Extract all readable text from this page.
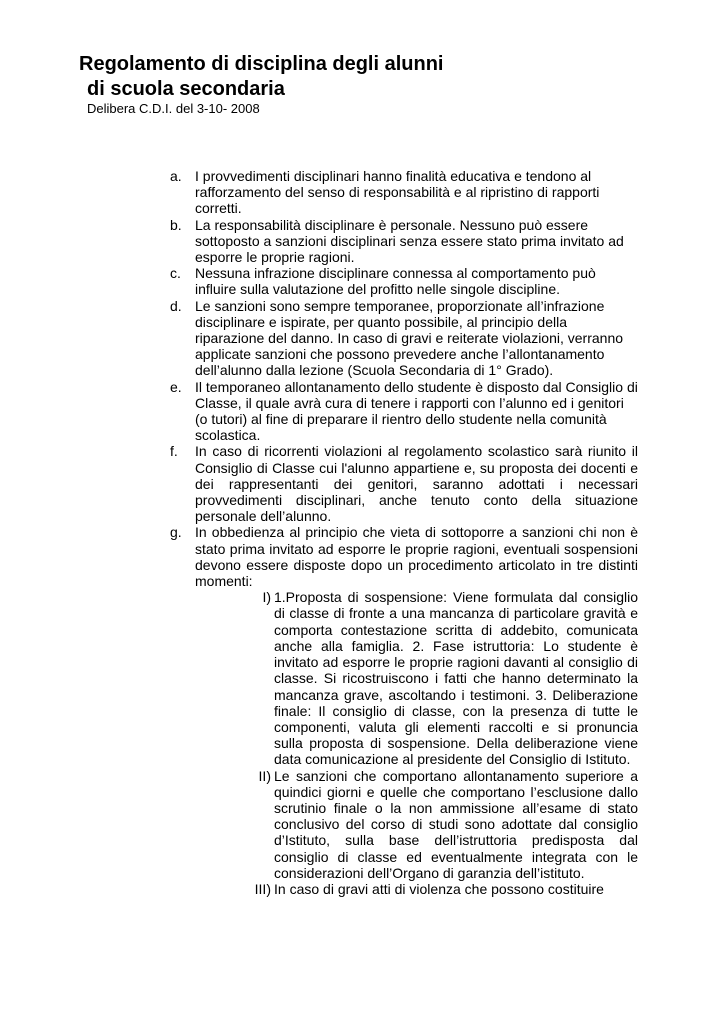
Regolamento di disciplina degli alunni
di scuola secondaria
Delibera C.D.I. del 3-10- 2008
a. I provvedimenti disciplinari hanno finalità educativa e tendono al rafforzamento del senso di responsabilità e al ripristino di rapporti corretti.
b. La responsabilità disciplinare è personale. Nessuno può essere sottoposto a sanzioni disciplinari senza essere stato prima invitato ad esporre le proprie ragioni.
c. Nessuna infrazione disciplinare connessa al comportamento può influire sulla valutazione del profitto nelle singole discipline.
d. Le sanzioni sono sempre temporanee, proporzionate all’infrazione disciplinare e ispirate, per quanto possibile, al principio della riparazione del danno. In caso di gravi e reiterate violazioni, verranno applicate sanzioni che possono prevedere anche l’allontanamento dell’alunno dalla lezione (Scuola Secondaria di 1° Grado).
e. Il temporaneo allontanamento dello studente è disposto dal Consiglio di Classe, il quale avrà cura di tenere i rapporti con l’alunno ed i genitori (o tutori) al fine di preparare il rientro dello studente nella comunità scolastica.
f. In caso di ricorrenti violazioni al regolamento scolastico sarà riunito il Consiglio di Classe cui l'alunno appartiene e, su proposta dei docenti e dei rappresentanti dei genitori, saranno adottati i necessari provvedimenti disciplinari, anche tenuto conto della situazione personale dell’alunno.
g. In obbedienza al principio che vieta di sottoporre a sanzioni chi non è stato prima invitato ad esporre le proprie ragioni, eventuali sospensioni devono essere disposte dopo un procedimento articolato in tre distinti momenti:
I) 1.Proposta di sospensione: Viene formulata dal consiglio di classe di fronte a una mancanza di particolare gravità e comporta contestazione scritta di addebito, comunicata anche alla famiglia. 2. Fase istruttoria: Lo studente è invitato ad esporre le proprie ragioni davanti al consiglio di classe. Si ricostruiscono i fatti che hanno determinato la mancanza grave, ascoltando i testimoni. 3. Deliberazione finale: Il consiglio di classe, con la presenza di tutte le componenti, valuta gli elementi raccolti e si pronuncia sulla proposta di sospensione. Della deliberazione viene data comunicazione al presidente del Consiglio di Istituto.
II) Le sanzioni che comportano allontanamento superiore a quindici giorni e quelle che comportano l’esclusione dallo scrutinio finale o la non ammissione all’esame di stato conclusivo del corso di studi sono adottate dal consiglio d’Istituto, sulla base dell’istruttoria predisposta dal consiglio di classe ed eventualmente integrata con le considerazioni dell’Organo di garanzia dell’istituto.
III) In caso di gravi atti di violenza che possono costituire
